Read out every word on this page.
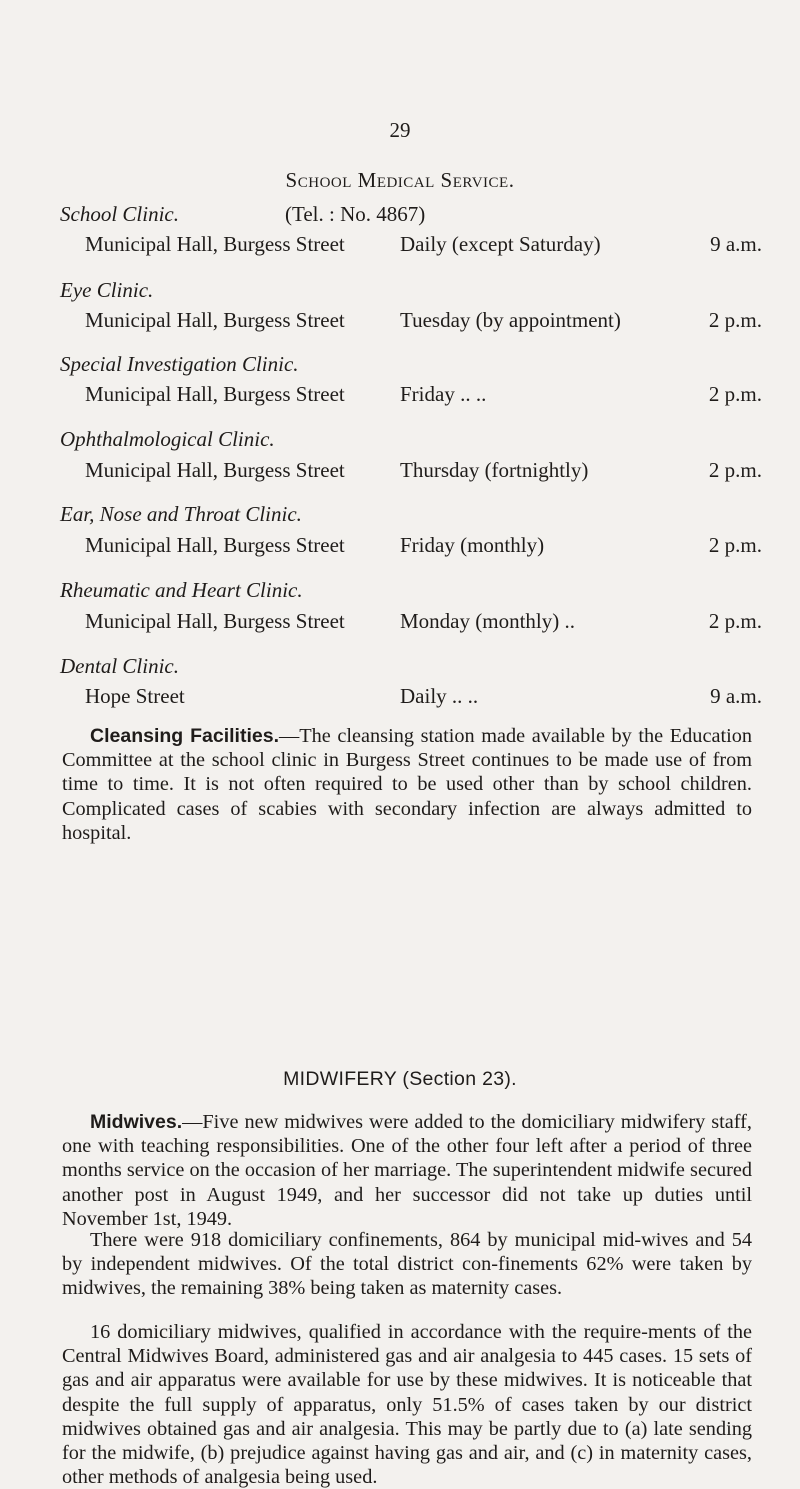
29
School Medical Service.
School Clinic.	(Tel. : No. 4867)
Municipal Hall, Burgess Street	Daily (except Saturday)	9 a.m.
Eye Clinic.
Municipal Hall, Burgess Street	Tuesday (by appointment)	2 p.m.
Special Investigation Clinic.
Municipal Hall, Burgess Street	Friday .. ..	2 p.m.
Ophthalmological Clinic.
Municipal Hall, Burgess Street	Thursday (fortnightly)	2 p.m.
Ear, Nose and Throat Clinic.
Municipal Hall, Burgess Street	Friday (monthly)	2 p.m.
Rheumatic and Heart Clinic.
Municipal Hall, Burgess Street	Monday (monthly) ..	2 p.m.
Dental Clinic.
Hope Street	Daily .. ..	9 a.m.
Cleansing Facilities.—The cleansing station made available by the Education Committee at the school clinic in Burgess Street continues to be made use of from time to time. It is not often required to be used other than by school children. Complicated cases of scabies with secondary infection are always admitted to hospital.
MIDWIFERY (Section 23).
Midwives.—Five new midwives were added to the domiciliary midwifery staff, one with teaching responsibilities. One of the other four left after a period of three months service on the occasion of her marriage. The superintendent midwife secured another post in August 1949, and her successor did not take up duties until November 1st, 1949.
There were 918 domiciliary confinements, 864 by municipal mid-wives and 54 by independent midwives. Of the total district con-finements 62% were taken by midwives, the remaining 38% being taken as maternity cases.
16 domiciliary midwives, qualified in accordance with the require-ments of the Central Midwives Board, administered gas and air analgesia to 445 cases. 15 sets of gas and air apparatus were available for use by these midwives. It is noticeable that despite the full supply of apparatus, only 51.5% of cases taken by our district midwives obtained gas and air analgesia. This may be partly due to (a) late sending for the midwife, (b) prejudice against having gas and air, and (c) in maternity cases, other methods of analgesia being used.
